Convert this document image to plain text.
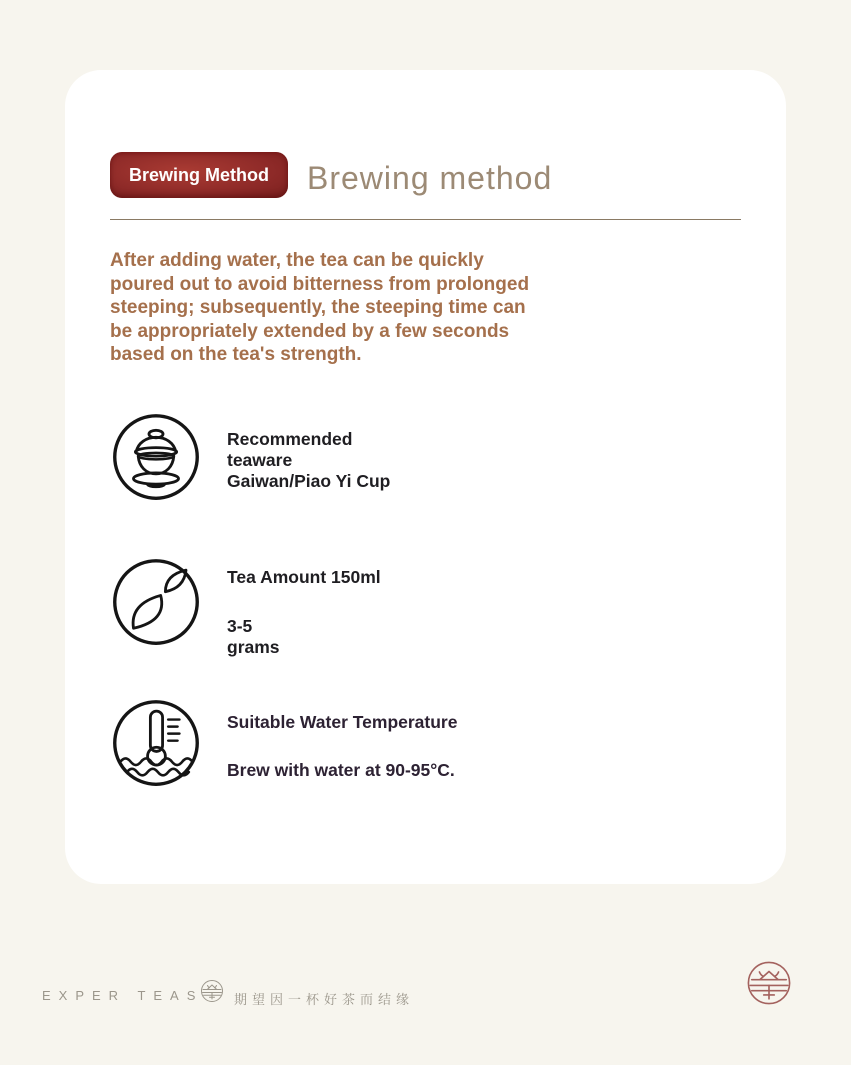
Brewing Method Brewing method
After adding water, the tea can be quickly
poured out to avoid bitterness from prolonged
steeping; subsequently, the steeping time can
be appropriately extended by a few seconds
based on the tea's strength.
Recommended
teaware
Gaiwan/Piao Yi Cup
Tea Amount 150ml
3-5
grams
Suitable Water Temperature
Brew with water at 90-95°C.
EXPER TEAS 期望因一杯好茶而结缘
